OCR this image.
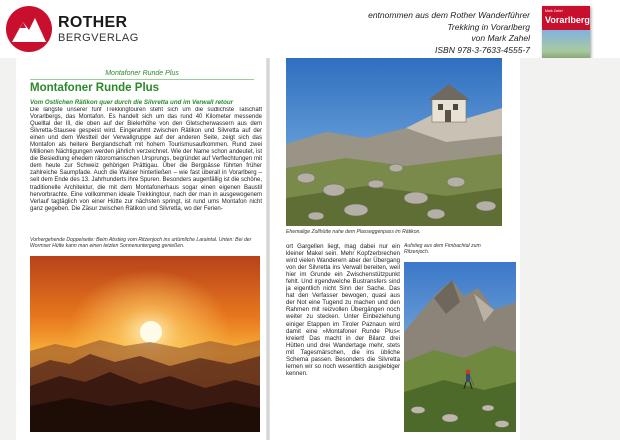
ROTHER
BERGVERLAG
entnommen aus dem Rother Wanderführer
Trekking in Vorarlberg
von Mark Zahel
ISBN 978-3-7633-4555-7
Mark Zahel
Vorarlberg
Montafoner Runde Plus
Montafoner Runde Plus
Vom Östlichen Rätikon quer durch die Silvretta und im Verwall retour
Die längste unserer fünf Trekkingtouren steht sich um die südlichste Talschaft Vorarlbergs, das Montafon. Es handelt sich um das rund 40 Kilometer messende Quelltal der Ill, die oben auf der Bielerhöhe von den Gletscherwassern aus dem Silvretta-Stausee gespeist wird. Eingerahmt zwischen Rätikon und Silvretta auf der einen und dem Westteil der Verwallgruppe auf der anderen Seite, zeigt sich das Montafon als heitere Berglandschaft mit hohem Tourismusaufkommen. Rund zwei Millionen Nächtigungen werden jährlich verzeichnet. Wie der Name schon andeutet, ist die Besiedlung ehedem rätoromanischen Ursprungs, begründet auf Verflechtungen mit dem heute zur Schweiz gehörigen Prättigau. Über die Bergpässe führten früher zahlreiche Saumpfade. Auch die Walser hinterließen – wie fast überall in Vorarlberg – seit dem Ende des 13. Jahrhunderts ihre Spuren. Besonders augenfällig ist die schöne, traditionelle Architektur, die mit dem Montafonerhaus sogar einen eigenen Baustil hervorbrachte. Eine vollkommen ideale Trekkingtour, nach der man in ausgewogenem Verlauf tagtäglich von einer Hütte zur nächsten springt, ist rund ums Montafon nicht ganz gegeben. Die Zäsur zwischen Rätikon und Silvretta, wo der Ferien-
Vorhergehende Doppelseite: Beim Abstieg vom Ritzenjoch ins urtümliche Laraintal. Unten: Bei der Wormser Hütte kann man einen letzten Sonnenuntergang genießen.
Ehemalige Zollhütte nahe dem Plasseggenpass im Rätikon.
ort Gargellen liegt, mag dabei nur ein kleiner Makel sein. Mehr Kopfzerbrechen wird vielen Wanderern aber der Übergang von der Silvretta ins Verwall bereiten, weil hier im Grunde ein Zwischenstützpunkt fehlt. Und irgendwelche Bustransfers sind ja eigentlich nicht Sinn der Sache. Das hat den Verfasser bewogen, quasi aus der Not eine Tugend zu machen und den Rahmen mit reizvollen Übergängen noch weiter zu stecken. Unter Einbeziehung einiger Etappen im Tiroler Paznaun wird damit eine »Montafoner Runde Plus« kreiert! Das macht in der Bilanz drei Hütten und drei Wandertage mehr, stets mit Tagesmärschen, die ins übliche Schema passen. Besonders die Silvretta lernen wir so noch wesentlich ausgiebiger kennen.
Aufstieg aus dem Fimbachtal zum Ritzenjoch.
